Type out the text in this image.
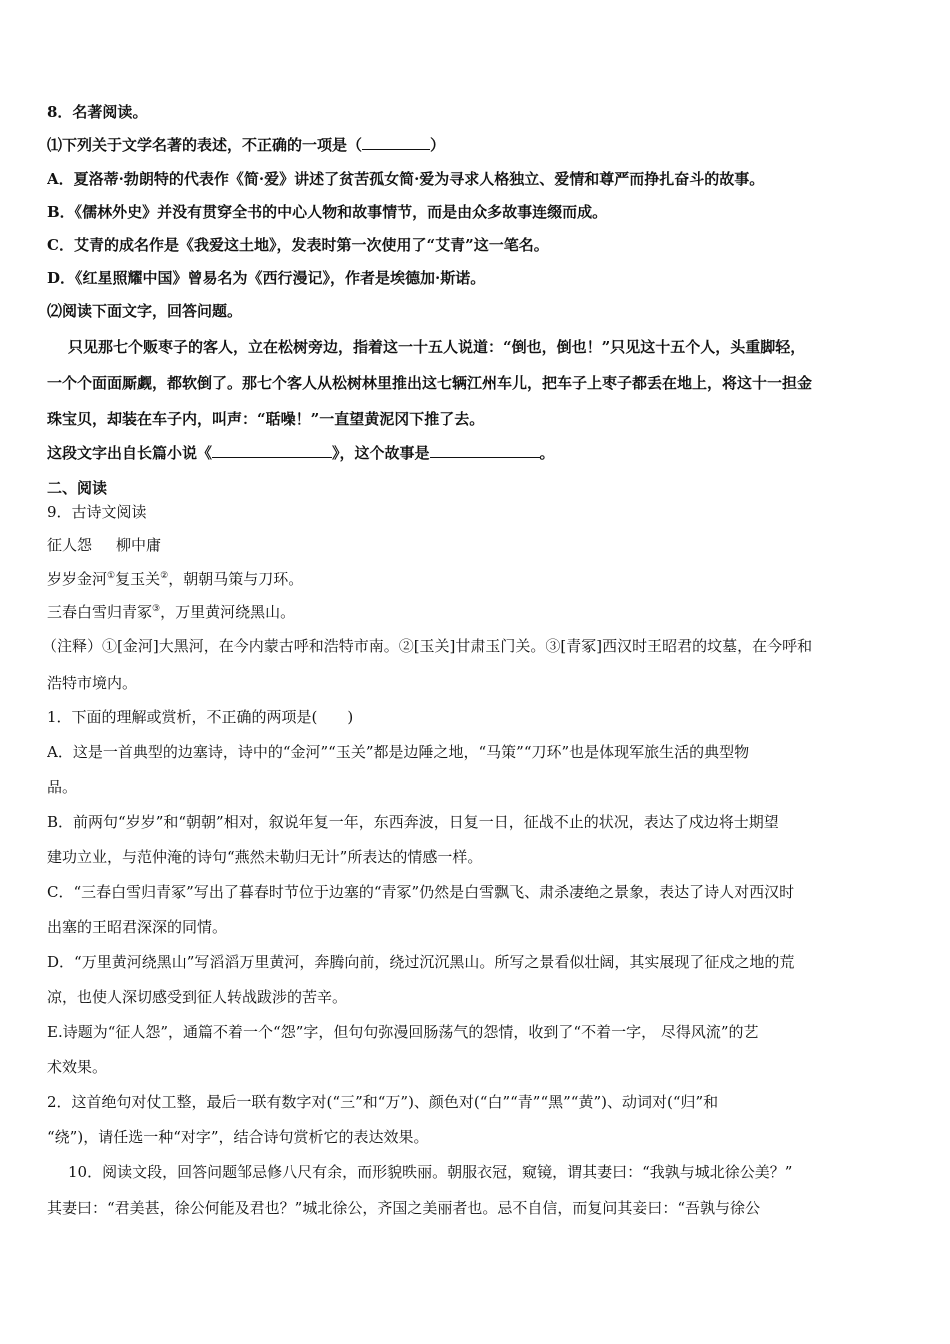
8．名著阅读。
⑴下列关于文学名著的表述，不正确的一项是（	）
A．夏洛蒂·勃朗特的代表作《简·爱》讲述了贫苦孤女简·爱为寻求人格独立、爱情和尊严而挣扎奋斗的故事。
B．《儒林外史》并没有贯穿全书的中心人物和故事情节，而是由众多故事连缀而成。
C．艾青的成名作是《我爱这土地》，发表时第一次使用了“艾青”这一笔名。
D．《红星照耀中国》曾易名为《西行漫记》，作者是埃德加·斯诺。
⑵阅读下面文字，回答问题。
只见那七个贩枣子的客人，立在松树旁边，指着这一十五人说道：“倒也，倒也！”只见这十五个人，头重脚轻，
一个个面面厮觑，都软倒了。那七个客人从松树林里推出这七辆江州车儿，把车子上枣子都丢在地上，将这十一担金
珠宝贝，却装在车子内，叫声：“聒噪！”一直望黄泥冈下推了去。
这段文字出自长篇小说《	》，这个故事是	。
二、阅读
9．古诗文阅读
征人怨 柳中庸
岁岁金河①复玉关②，朝朝马策与刀环。
三春白雪归青冢③，万里黄河绕黑山。
（注释）①[金河]大黑河，在今内蒙古呼和浩特市南。②[玉关]甘肃玉门关。③[青冢]西汉时王昭君的坟墓，在今呼和
浩特市境内。
1．下面的理解或赏析，不正确的两项是(　　)
A．这是一首典型的边塞诗，诗中的“金河”“玉关”都是边陲之地，“马策”“刀环”也是体现军旅生活的典型物
品。
B．前两句“岁岁”和“朝朝”相对，叙说年复一年，东西奔波，日复一日，征战不止的状况，表达了戍边将士期望
建功立业，与范仲淹的诗句“燕然未勒归无计”所表达的情感一样。
C．“三春白雪归青冢”写出了暮春时节位于边塞的“青冢”仍然是白雪飘飞、肃杀凄绝之景象，表达了诗人对西汉时
出塞的王昭君深深的同情。
D．“万里黄河绕黑山”写滔滔万里黄河，奔腾向前，绕过沉沉黑山。所写之景看似壮阔，其实展现了征戍之地的荒
凉，也使人深切感受到征人转战跋涉的苦辛。
E.诗题为“征人怨”，通篇不着一个“怨”字，但句句弥漫回肠荡气的怨情，收到了“不着一字， 尽得风流”的艺
术效果。
2．这首绝句对仗工整，最后一联有数字对(“三”和“万”)、颜色对(“白”“青”“黑”“黄”)、动词对(“归”和
“绕”)，请任选一种“对字”，结合诗句赏析它的表达效果。
10．阅读文段，回答问题邹忌修八尺有余，而形貌昳丽。朝服衣冠，窥镜，谓其妻曰：“我孰与城北徐公美？”
其妻曰：“君美甚，徐公何能及君也？”城北徐公，齐国之美丽者也。忌不自信，而复问其妾曰：“吾孰与徐公
